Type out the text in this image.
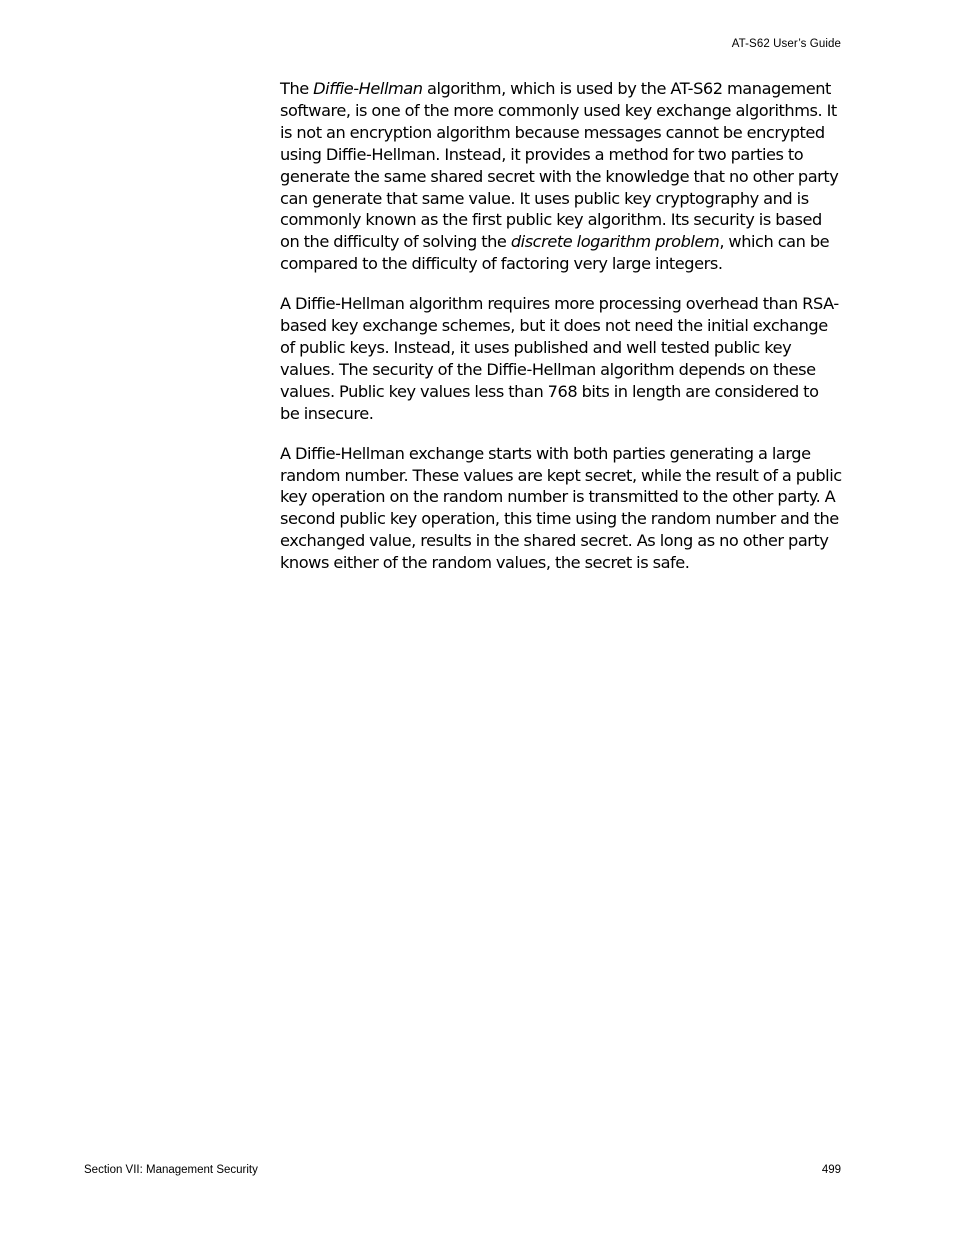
AT-S62 User’s Guide

The Diffie-Hellman algorithm, which is used by the AT-S62 management software, is one of the more commonly used key exchange algorithms. It is not an encryption algorithm because messages cannot be encrypted using Diffie-Hellman. Instead, it provides a method for two parties to generate the same shared secret with the knowledge that no other party can generate that same value. It uses public key cryptography and is commonly known as the first public key algorithm. Its security is based on the difficulty of solving the discrete logarithm problem, which can be compared to the difficulty of factoring very large integers.

A Diffie-Hellman algorithm requires more processing overhead than RSA-based key exchange schemes, but it does not need the initial exchange of public keys. Instead, it uses published and well tested public key values. The security of the Diffie-Hellman algorithm depends on these values. Public key values less than 768 bits in length are considered to be insecure.

A Diffie-Hellman exchange starts with both parties generating a large random number. These values are kept secret, while the result of a public key operation on the random number is transmitted to the other party. A second public key operation, this time using the random number and the exchanged value, results in the shared secret. As long as no other party knows either of the random values, the secret is safe.

Section VII: Management Security	499
